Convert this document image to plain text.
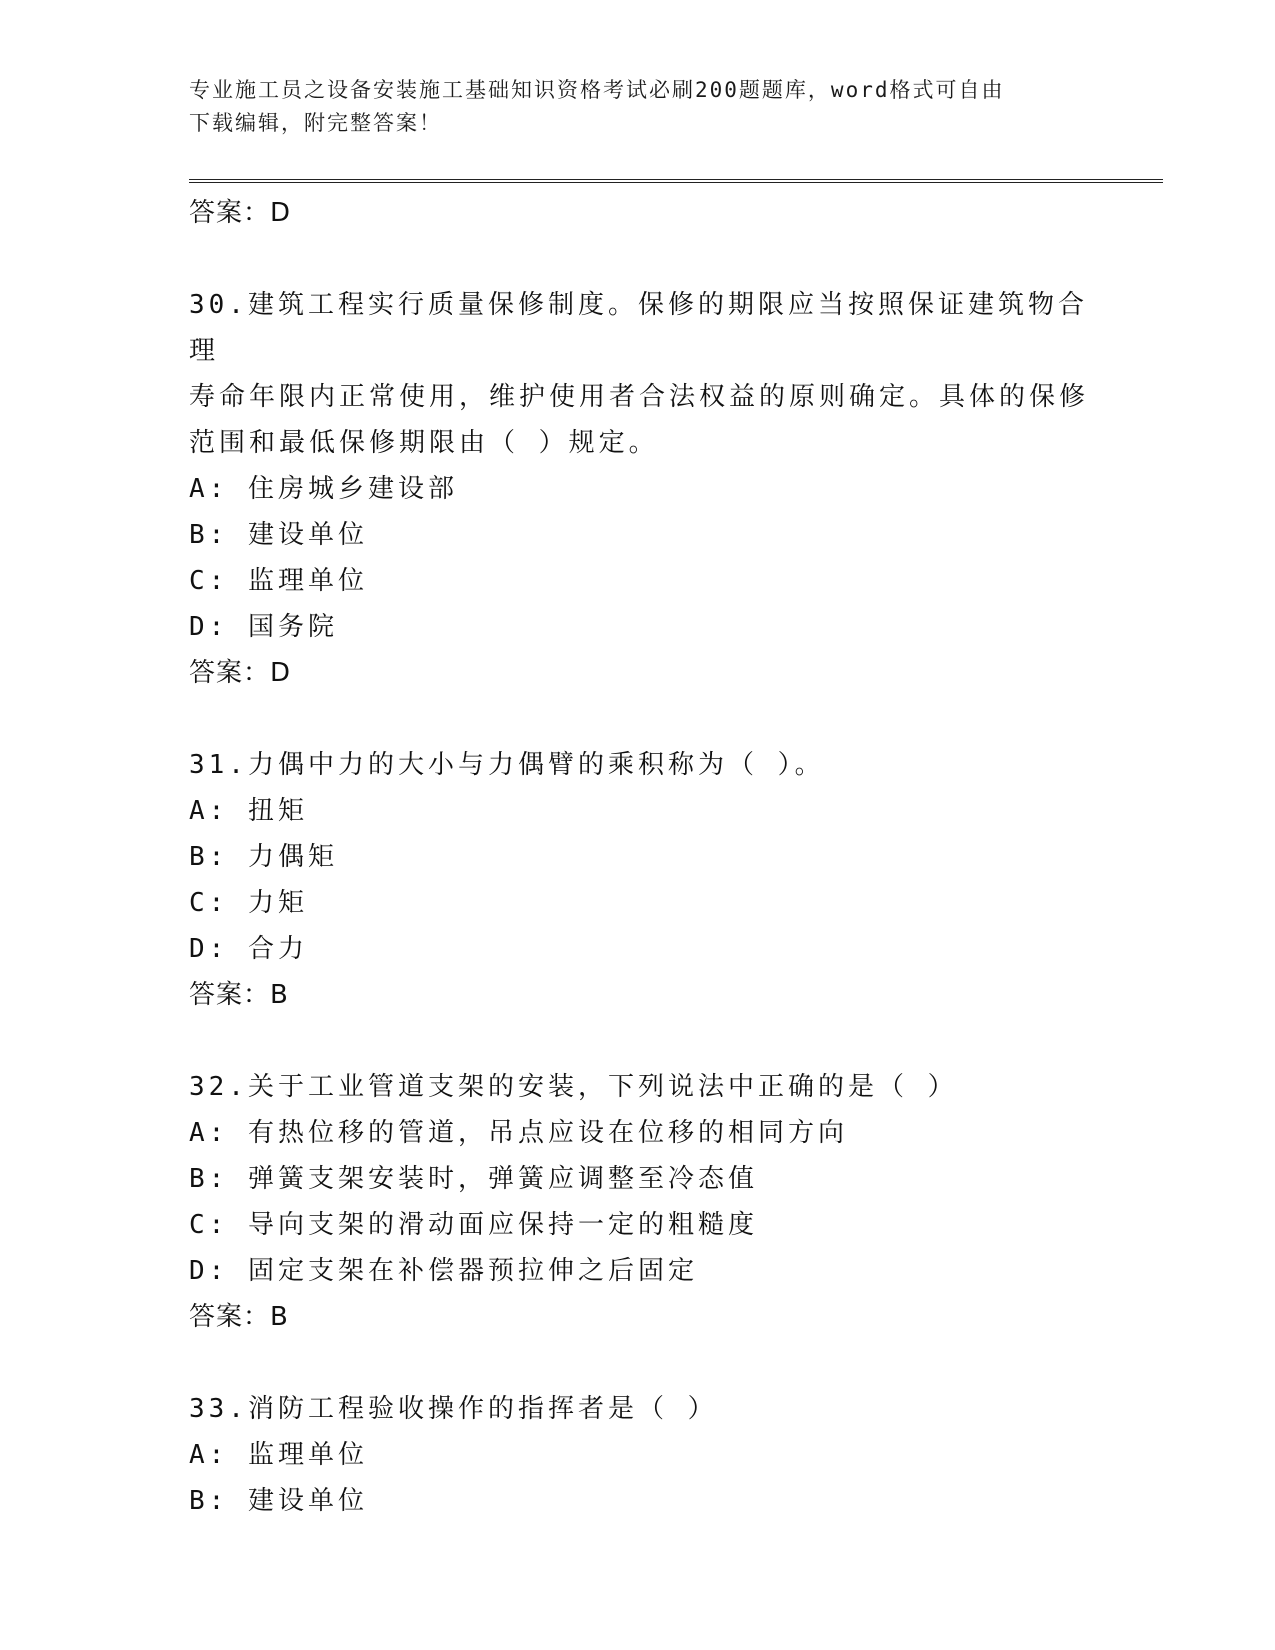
专业施工员之设备安装施工基础知识资格考试必刷200题题库，word格式可自由
下载编辑，附完整答案！
答案：D
30.建筑工程实行质量保修制度。保修的期限应当按照保证建筑物合理
寿命年限内正常使用，维护使用者合法权益的原则确定。具体的保修
范围和最低保修期限由（ ）规定。
A: 住房城乡建设部
B: 建设单位
C: 监理单位
D: 国务院
答案：D
31.力偶中力的大小与力偶臂的乘积称为（ ）。
A: 扭矩
B: 力偶矩
C: 力矩
D: 合力
答案：B
32.关于工业管道支架的安装，下列说法中正确的是（ ）
A: 有热位移的管道，吊点应设在位移的相同方向
B: 弹簧支架安装时，弹簧应调整至冷态值
C: 导向支架的滑动面应保持一定的粗糙度
D: 固定支架在补偿器预拉伸之后固定
答案：B
33.消防工程验收操作的指挥者是（ ）
A: 监理单位
B: 建设单位
